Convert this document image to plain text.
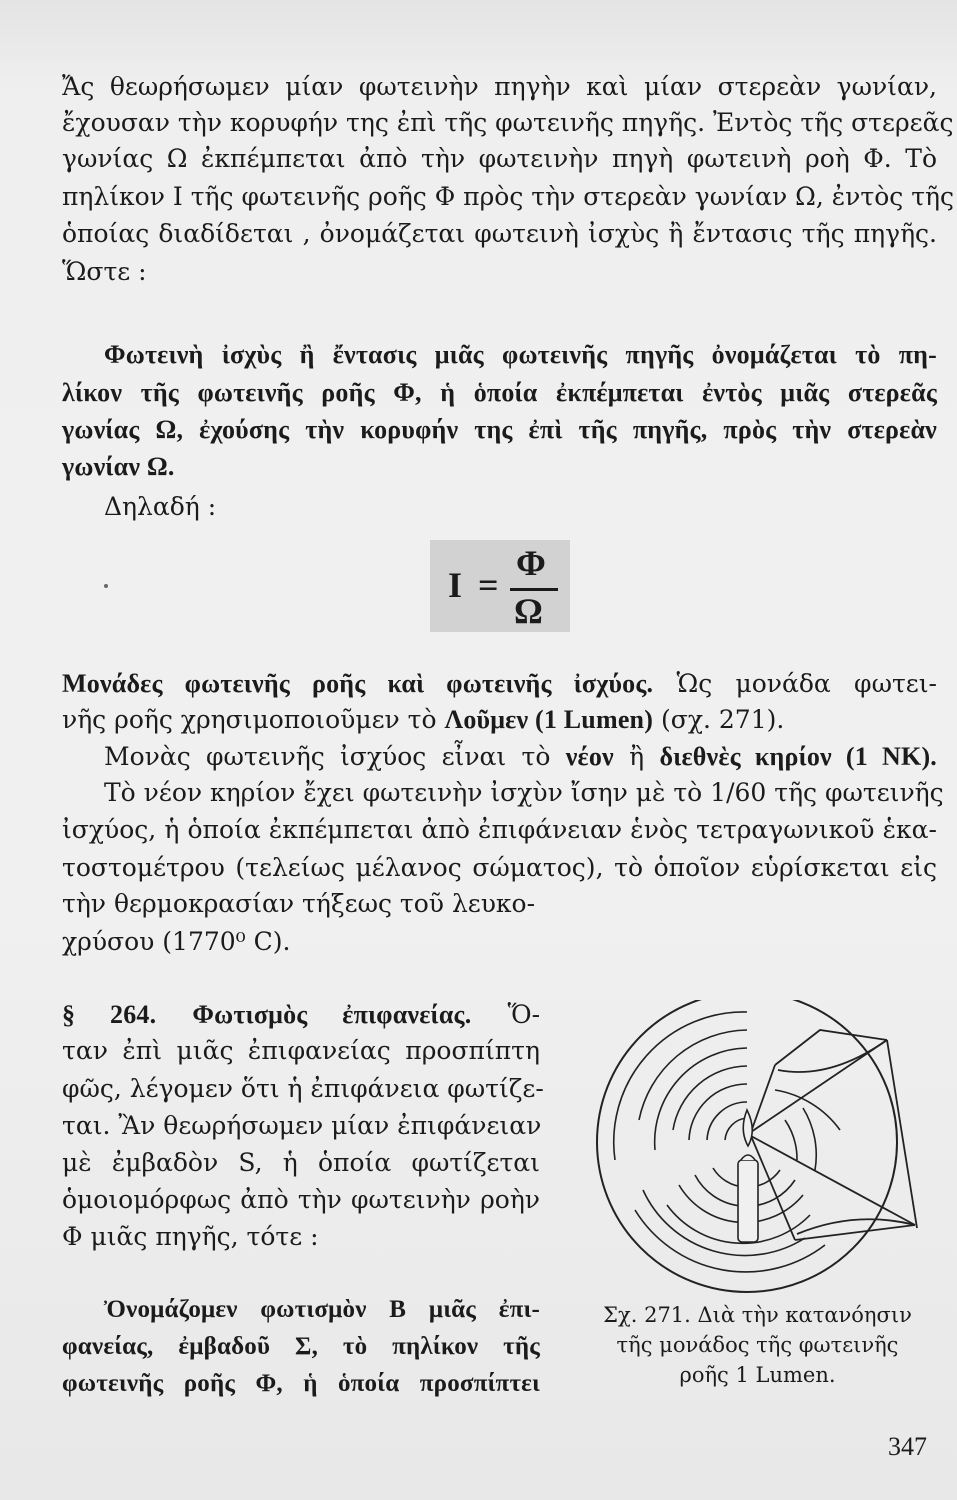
Ἄς θεωρήσωμεν μίαν φωτεινὴν πηγὴν καὶ μίαν στερεὰν γωνίαν,
ἔχουσαν τὴν κορυφήν της ἐπὶ τῆς φωτεινῆς πηγῆς. Ἐντὸς τῆς στερεᾶς
γωνίας Ω ἐκπέμπεται ἀπὸ τὴν φωτεινὴν πηγὴ φωτεινὴ ροὴ Φ. Τὸ
πηλίκον I τῆς φωτεινῆς ροῆς Φ πρὸς τὴν στερεὰν γωνίαν Ω, ἐντὸς τῆς
ὁποίας διαδίδεται , ὀνομάζεται φωτεινὴ ἰσχὺς ἢ ἔντασις τῆς πηγῆς.
Ὥστε :
Φωτεινὴ ἰσχὺς ἢ ἔντασις μιᾶς φωτεινῆς πηγῆς ὀνομάζεται τὸ πη-
λίκον τῆς φωτεινῆς ροῆς Φ, ἡ ὁποία ἐκπέμπεται ἐντὸς μιᾶς στερεᾶς
γωνίας Ω, ἐχούσης τὴν κορυφήν της ἐπὶ τῆς πηγῆς, πρὸς τὴν στερεὰν
γωνίαν Ω.
Δηλαδή :
I =
Φ
Ω
Μονάδες φωτεινῆς ροῆς καὶ φωτεινῆς ἰσχύος. Ὡς μονάδα φωτει-
νῆς ροῆς χρησιμοποιοῦμεν τὸ Λοῦμεν (1 Lumen) (σχ. 271).
Μονὰς φωτεινῆς ἰσχύος εἶναι τὸ νέον ἢ διεθνὲς κηρίον (1 ΝΚ).
Τὸ νέον κηρίον ἔχει φωτεινὴν ἰσχὺν ἴσην μὲ τὸ 1/60 τῆς φωτεινῆς
ἰσχύος, ἡ ὁποία ἐκπέμπεται ἀπὸ ἐπιφάνειαν ἑνὸς τετραγωνικοῦ ἑκα-
τοστομέτρου (τελείως μέλανος σώματος), τὸ ὁποῖον εὑρίσκεται εἰς
τὴν θερμοκρασίαν τήξεως τοῦ λευκο-
χρύσου (1770⁰ C).
§ 264. Φωτισμὸς ἐπιφανείας. Ὅ-
ταν ἐπὶ μιᾶς ἐπιφανείας προσπίπτη
φῶς, λέγομεν ὅτι ἡ ἐπιφάνεια φωτίζε-
ται. Ἂν θεωρήσωμεν μίαν ἐπιφάνειαν
μὲ ἐμβαδὸν S, ἡ ὁποία φωτίζεται
ὁμοιομόρφως ἀπὸ τὴν φωτεινὴν ροὴν
Φ μιᾶς πηγῆς, τότε :
Ὀνομάζομεν φωτισμὸν B μιᾶς ἐπι-
φανείας, ἐμβαδοῦ Σ, τὸ πηλίκον τῆς
φωτεινῆς ροῆς Φ, ἡ ὁποία προσπίπτει
Σχ. 271. Διὰ τὴν κατανόησιν
τῆς μονάδος τῆς φωτεινῆς
ροῆς 1 Lumen.
347
